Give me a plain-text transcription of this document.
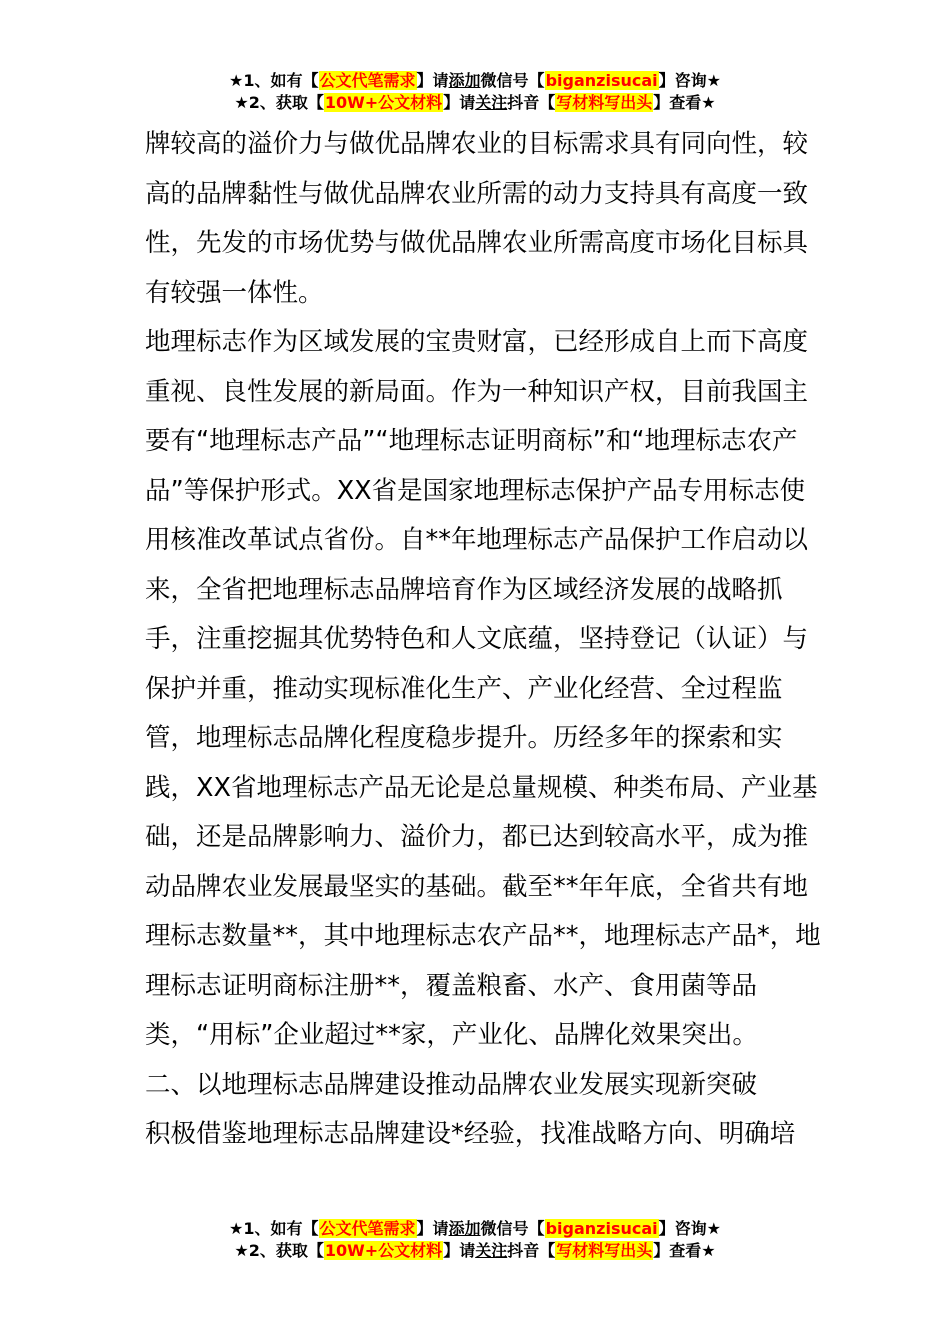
★1、如有【公文代笔需求】请添加微信号【biganzisucai】咨询★
★2、获取【10W+公文材料】请关注抖音【写材料写出头】查看★

牌较高的溢价力与做优品牌农业的目标需求具有同向性，较高的品牌黏性与做优品牌农业所需的动力支持具有高度一致性，先发的市场优势与做优品牌农业所需高度市场化目标具有较强一体性。

地理标志作为区域发展的宝贵财富，已经形成自上而下高度重视、良性发展的新局面。作为一种知识产权，目前我国主要有“地理标志产品”“地理标志证明商标”和“地理标志农产品”等保护形式。XX省是国家地理标志保护产品专用标志使用核准改革试点省份。自**年地理标志产品保护工作启动以来，全省把地理标志品牌培育作为区域经济发展的战略抓手，注重挖掘其优势特色和人文底蕴，坚持登记（认证）与保护并重，推动实现标准化生产、产业化经营、全过程监管，地理标志品牌化程度稳步提升。历经多年的探索和实践，XX省地理标志产品无论是总量规模、种类布局、产业基础，还是品牌影响力、溢价力，都已达到较高水平，成为推动品牌农业发展最坚实的基础。截至**年年底，全省共有地理标志数量**，其中地理标志农产品**，地理标志产品*，地理标志证明商标注册**，覆盖粮畜、水产、食用菌等品类，“用标”企业超过**家，产业化、品牌化效果突出。

二、以地理标志品牌建设推动品牌农业发展实现新突破

积极借鉴地理标志品牌建设*经验，找准战略方向、明确培

★1、如有【公文代笔需求】请添加微信号【biganzisucai】咨询★
★2、获取【10W+公文材料】请关注抖音【写材料写出头】查看★
